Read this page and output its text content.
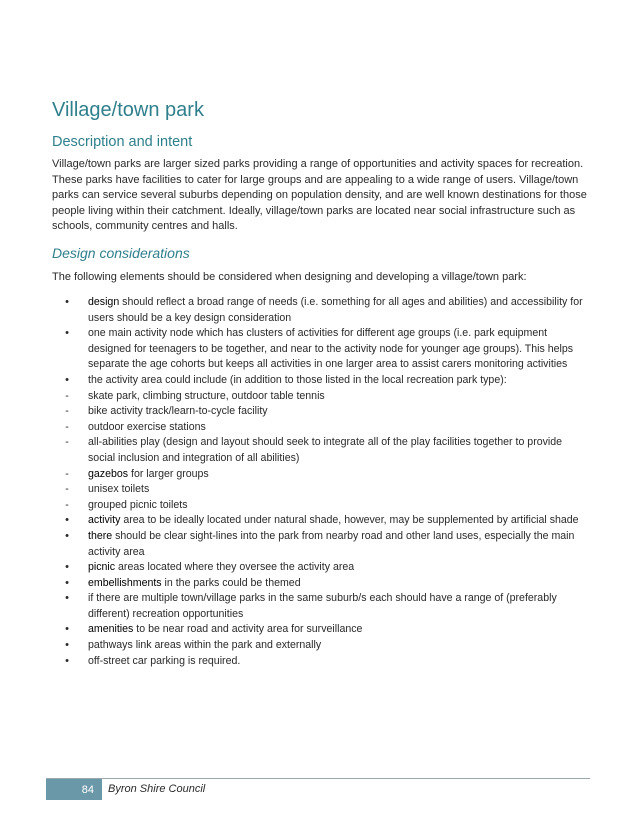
Village/town park
Description and intent

Village/town parks are larger sized parks providing a range of opportunities and activity spaces for recreation. These parks have facilities to cater for large groups and are appealing to a wide range of users. Village/town parks can service several suburbs depending on population density, and are well known destinations for those people living within their catchment. Ideally, village/town parks are located near social infrastructure such as schools, community centres and halls.

Design considerations

The following elements should be considered when designing and developing a village/town park:

•	design should reflect a broad range of needs (i.e. something for all ages and abilities) and accessibility for users should be a key design consideration
•	one main activity node which has clusters of activities for different age groups (i.e. park equipment designed for teenagers to be together, and near to the activity node for younger age groups). This helps separate the age cohorts but keeps all activities in one larger area to assist carers monitoring activities
•	the activity area could include (in addition to those listed in the local recreation park type):
-	skate park, climbing structure, outdoor table tennis
-	bike activity track/learn-to-cycle facility
-	outdoor exercise stations
-	all-abilities play (design and layout should seek to integrate all of the play facilities together to provide social inclusion and integration of all abilities)
-	gazebos for larger groups
-	unisex toilets
-	grouped picnic toilets
•	activity area to be ideally located under natural shade, however, may be supplemented by artificial shade
•	there should be clear sight-lines into the park from nearby road and other land uses, especially the main activity area
•	picnic areas located where they oversee the activity area
•	embellishments in the parks could be themed
•	if there are multiple town/village parks in the same suburb/s each should have a range of (preferably different) recreation opportunities
•	amenities to be near road and activity area for surveillance
•	pathways link areas within the park and externally
•	off-street car parking is required.
84	Byron Shire Council
